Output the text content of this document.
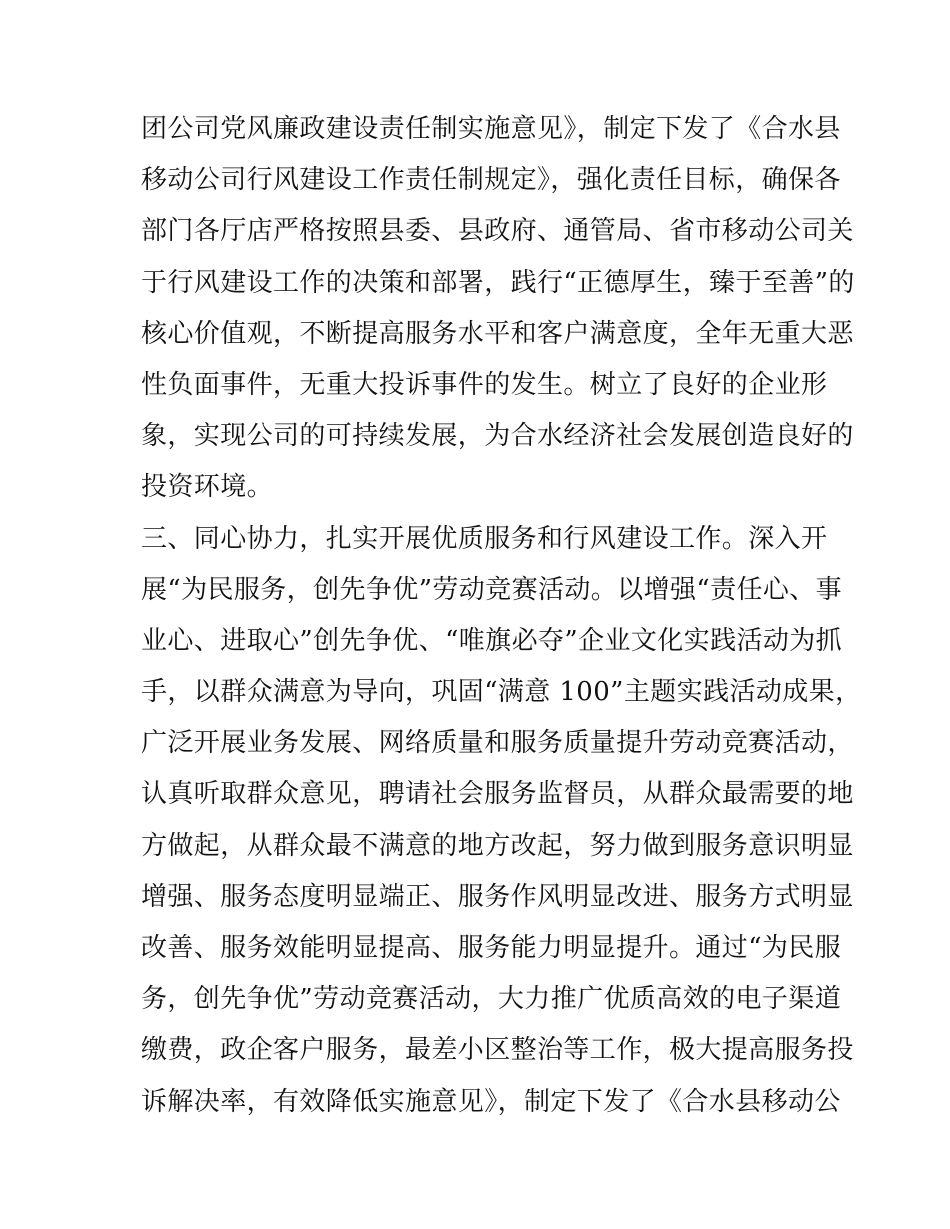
团公司党风廉政建设责任制实施意见》，制定下发了《合水县
移动公司行风建设工作责任制规定》，强化责任目标，确保各
部门各厅店严格按照县委、县政府、通管局、省市移动公司关
于行风建设工作的决策和部署，践行“正德厚生，臻于至善”的
核心价值观，不断提高服务水平和客户满意度，全年无重大恶
性负面事件，无重大投诉事件的发生。树立了良好的企业形
象，实现公司的可持续发展，为合水经济社会发展创造良好的
投资环境。
三、同心协力，扎实开展优质服务和行风建设工作。深入开
展“为民服务，创先争优”劳动竞赛活动。以增强“责任心、事
业心、进取心”创先争优、“唯旗必夺”企业文化实践活动为抓
手，以群众满意为导向，巩固“满意 100”主题实践活动成果，
广泛开展业务发展、网络质量和服务质量提升劳动竞赛活动，
认真听取群众意见，聘请社会服务监督员，从群众最需要的地
方做起，从群众最不满意的地方改起，努力做到服务意识明显
增强、服务态度明显端正、服务作风明显改进、服务方式明显
改善、服务效能明显提高、服务能力明显提升。通过“为民服
务，创先争优”劳动竞赛活动，大力推广优质高效的电子渠道
缴费，政企客户服务，最差小区整治等工作，极大提高服务投
诉解决率，有效降低实施意见》，制定下发了《合水县移动公
